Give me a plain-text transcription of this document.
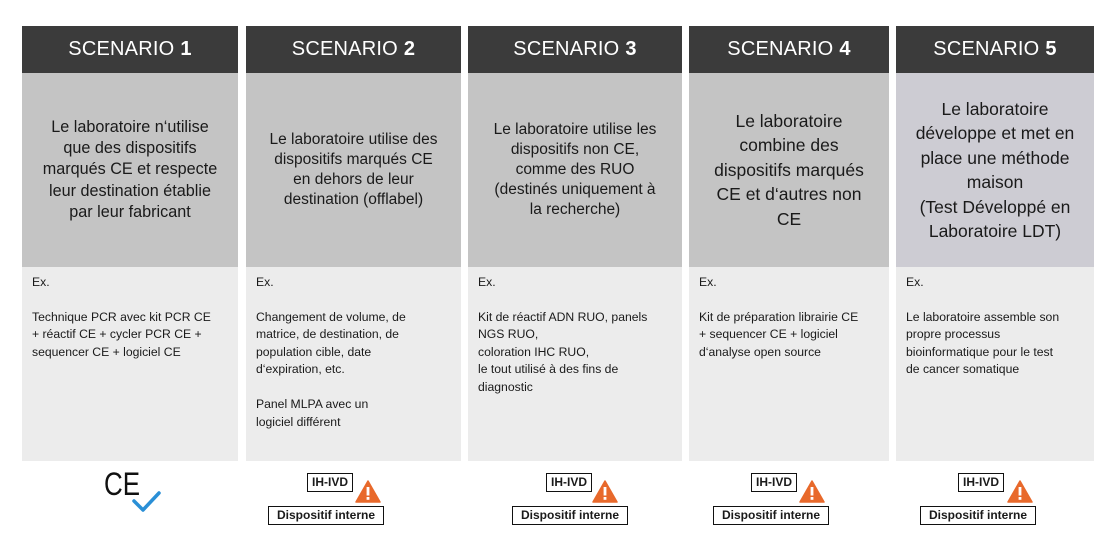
SCENARIO 1
Le laboratoire n‘utilise
que des dispositifs
marqués CE et respecte
leur destination établie
par leur fabricant
Ex.
Technique PCR avec kit PCR CE
+ réactif CE + cycler PCR CE +
sequencer CE + logiciel CE
CE
SCENARIO 2
Le laboratoire utilise des
dispositifs marqués CE
en dehors de leur
destination (offlabel)
Ex.
Changement de volume, de
matrice, de destination, de
population cible, date
d‘expiration, etc.

Panel MLPA avec un
logiciel différent
IH-IVD
Dispositif interne
SCENARIO 3
Le laboratoire utilise les
dispositifs non CE,
comme des RUO
(destinés uniquement à
la recherche)
Ex.
Kit de réactif ADN RUO, panels
NGS RUO,
coloration IHC RUO,
le tout utilisé à des fins de
diagnostic
IH-IVD
Dispositif interne
SCENARIO 4
Le laboratoire
combine des
dispositifs marqués
CE et d‘autres non
CE
Ex.
Kit de préparation librairie CE
+ sequencer CE + logiciel
d‘analyse open source
IH-IVD
Dispositif interne
SCENARIO 5
Le laboratoire
développe et met en
place une méthode
maison
(Test Développé en
Laboratoire LDT)
Ex.
Le laboratoire assemble son
propre processus
bioinformatique pour le test
de cancer somatique
IH-IVD
Dispositif interne
